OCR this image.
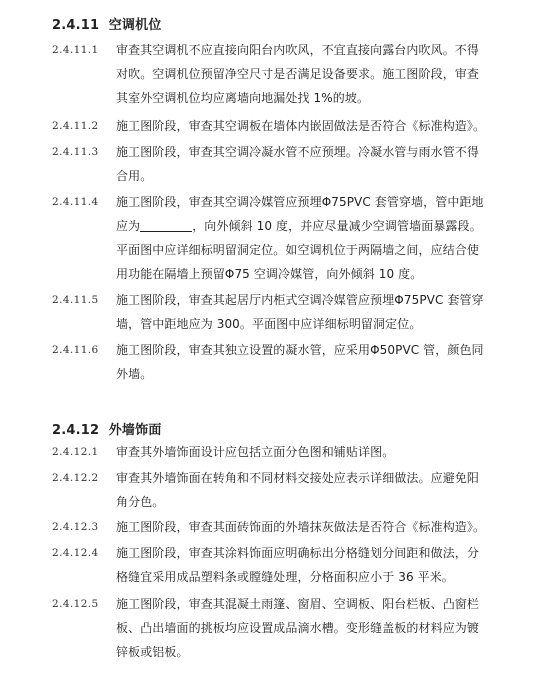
2.4.11 空调机位
2.4.11.1	审查其空调机不应直接向阳台内吹风，不宜直接向露台内吹风。不得
对吹。空调机位预留净空尺寸是否满足设备要求。施工图阶段，审查
其室外空调机位均应离墙向地漏处找 1%的坡。
2.4.11.2	施工图阶段，审查其空调板在墙体内嵌固做法是否符合《标准构造》。
2.4.11.3	施工图阶段，审查其空调冷凝水管不应预埋。冷凝水管与雨水管不得
合用。
2.4.11.4	施工图阶段，审查其空调冷媒管应预埋Φ75PVC 套管穿墙，管中距地
应为	，向外倾斜 10 度，并应尽量减少空调管墙面暴露段。
平面图中应详细标明留洞定位。如空调机位于两隔墙之间，应结合使
用功能在隔墙上预留Φ75 空调冷媒管，向外倾斜 10 度。
2.4.11.5	施工图阶段，审查其起居厅内柜式空调冷媒管应预埋Φ75PVC 套管穿
墙，管中距地应为 300。平面图中应详细标明留洞定位。
2.4.11.6	施工图阶段，审查其独立设置的凝水管，应采用Φ50PVC 管，颜色同
外墙。
2.4.12 外墙饰面
2.4.12.1	审查其外墙饰面设计应包括立面分色图和铺贴详图。
2.4.12.2	审查其外墙饰面在转角和不同材料交接处应表示详细做法。应避免阳
角分色。
2.4.12.3	施工图阶段，审查其面砖饰面的外墙抹灰做法是否符合《标准构造》。
2.4.12.4	施工图阶段，审查其涂料饰面应明确标出分格缝划分间距和做法，分
格缝宜采用成品塑料条或膛缝处理，分格面积应小于 36 平米。
2.4.12.5	施工图阶段，审查其混凝土雨篷、窗眉、空调板、阳台栏板、凸窗栏
板、凸出墙面的挑板均应设置成品滴水槽。变形缝盖板的材料应为镀
锌板或铝板。
